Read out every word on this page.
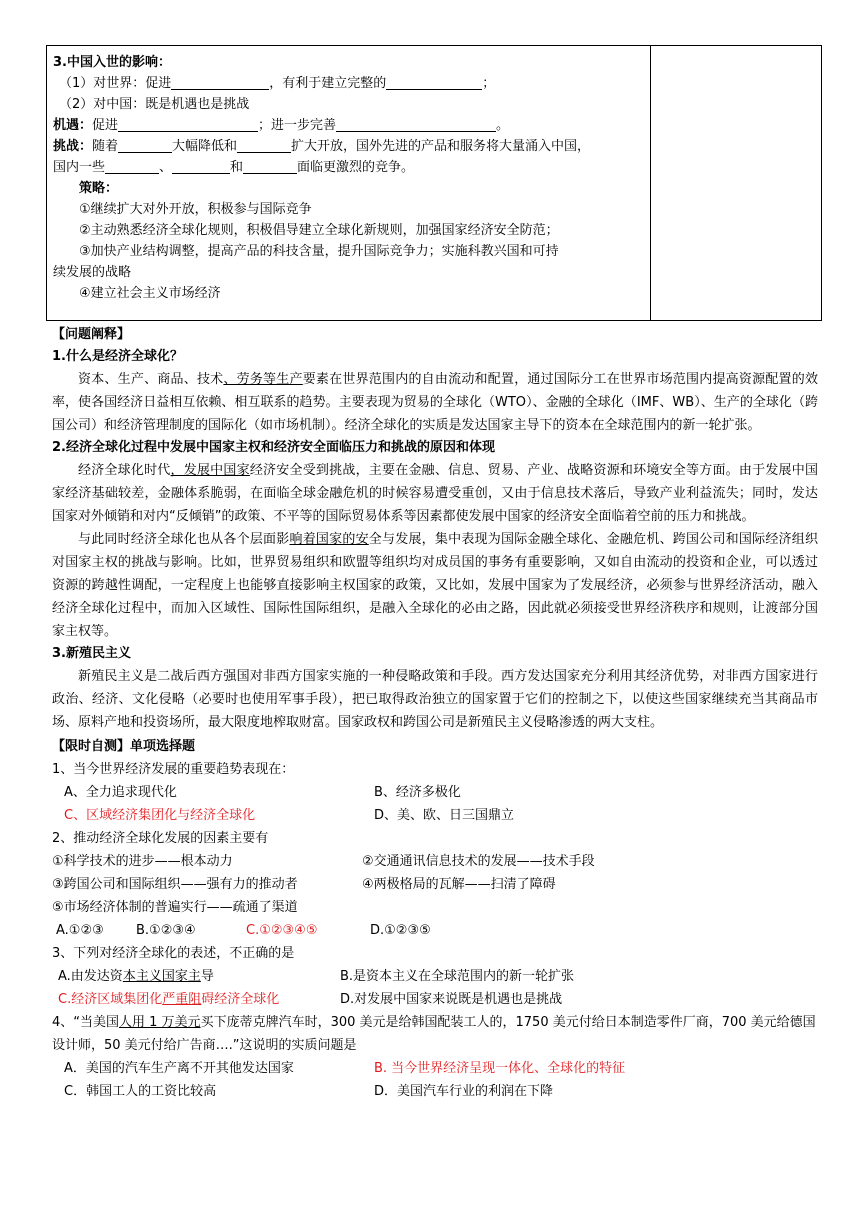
3.中国入世的影响：
（1）对世界：促进	，有利于建立完整的	；
（2）对中国：既是机遇也是挑战
机遇：促进	；进一步完善	。
挑战：随着	大幅降低和	扩大开放，国外先进的产品和服务将大量涌入中国，
国内一些	、	和	面临更激烈的竞争。
策略：
①继续扩大对外开放，积极参与国际竞争
②主动熟悉经济全球化规则，积极倡导建立全球化新规则，加强国家经济安全防范；
③加快产业结构调整，提高产品的科技含量，提升国际竞争力；实施科教兴国和可持
续发展的战略
④建立社会主义市场经济
【问题阐释】
1.什么是经济全球化？
资本、生产、商品、技术、劳务等生产要素在世界范围内的自由流动和配置，通过国际分工在世界市场范围内提高资源配置的效率，使各国经济日益相互依赖、相互联系的趋势。主要表现为贸易的全球化（WTO）、金融的全球化（IMF、WB）、生产的全球化（跨国公司）和经济管理制度的国际化（如市场机制）。经济全球化的实质是发达国家主导下的资本在全球范围内的新一轮扩张。
2.经济全球化过程中发展中国家主权和经济安全面临压力和挑战的原因和体现
经济全球化时代，发展中国家经济安全受到挑战，主要在金融、信息、贸易、产业、战略资源和环境安全等方面。由于发展中国家经济基础较差，金融体系脆弱，在面临全球金融危机的时候容易遭受重创，又由于信息技术落后，导致产业利益流失；同时，发达国家对外倾销和对内“反倾销”的政策、不平等的国际贸易体系等因素都使发展中国家的经济安全面临着空前的压力和挑战。
与此同时经济全球化也从各个层面影响着国家的安全与发展，集中表现为国际金融全球化、金融危机、跨国公司和国际经济组织对国家主权的挑战与影响。比如，世界贸易组织和欧盟等组织均对成员国的事务有重要影响，又如自由流动的投资和企业，可以透过资源的跨越性调配，一定程度上也能够直接影响主权国家的政策，又比如，发展中国家为了发展经济，必须参与世界经济活动，融入经济全球化过程中，而加入区域性、国际性国际组织，是融入全球化的必由之路，因此就必须接受世界经济秩序和规则，让渡部分国家主权等。
3.新殖民主义
新殖民主义是二战后西方强国对非西方国家实施的一种侵略政策和手段。西方发达国家充分利用其经济优势，对非西方国家进行政治、经济、文化侵略（必要时也使用军事手段），把已取得政治独立的国家置于它们的控制之下，以使这些国家继续充当其商品市场、原料产地和投资场所，最大限度地榨取财富。国家政权和跨国公司是新殖民主义侵略渗透的两大支柱。
【限时自测】单项选择题
1、当今世界经济发展的重要趋势表现在：
A、全力追求现代化	B、经济多极化
C、区域经济集团化与经济全球化	D、美、欧、日三国鼎立
2、推动经济全球化发展的因素主要有
①科学技术的进步——根本动力	②交通通讯信息技术的发展——技术手段
③跨国公司和国际组织——强有力的推动者	④两极格局的瓦解——扫清了障碍
⑤市场经济体制的普遍实行——疏通了渠道
A.①②③	B.①②③④	C.①②③④⑤	D.①②③⑤
3、下列对经济全球化的表述，不正确的是
A.由发达资本主义国家主导	B.是资本主义在全球范围内的新一轮扩张
C.经济区域集团化严重阻碍经济全球化	D.对发展中国家来说既是机遇也是挑战
4、“当美国人用 1 万美元买下庞蒂克牌汽车时，300 美元是给韩国配装工人的，1750 美元付给日本制造零件厂商，700 美元给德国设计师，50 美元付给广告商….”这说明的实质问题是
A．美国的汽车生产离不开其他发达国家	B. 当今世界经济呈现一体化、全球化的特征
C．韩国工人的工资比较高	D．美国汽车行业的利润在下降
